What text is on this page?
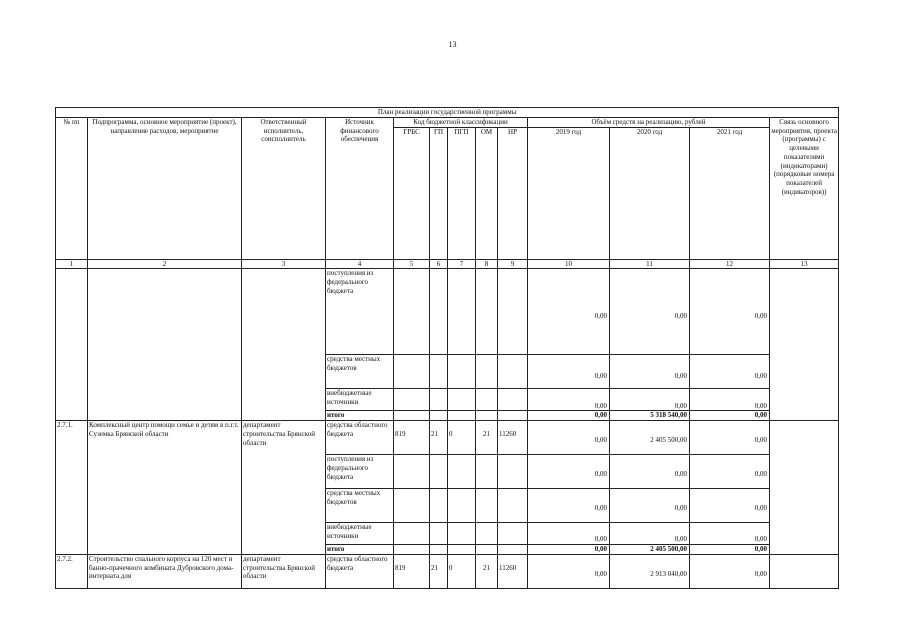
13
План реализации государственной программы												
№ пп	Подпрограмма, основное мероприятие (проект), направление расходов, мероприятие	Ответственный исполнитель, соисполнитель	Источник финансового обеспечения	Код бюджетной классификации					Объём средств на реализацию, рублей			Связь основного мероприятия, проекта (программы) с целевыми показателями (индикаторами) (порядковые номера показателей (индикаторов))
				ГРБС	ГП	ПГП	ОМ	НР	2019 год	2020 год	2021 год	
1	2	3	4	5	6	7	8	9	10	11	12	13
			поступления из федерального бюджета						0,00	0,00	0,00	
			средства местных бюджетов						0,00	0,00	0,00	
			внебюджетные источники						0,00	0,00	0,00	
			итого						0,00	5 318 540,00	0,00	
2.7.1.	Комплексный центр помощи семье и детям в п.г.т. Суземка Брянской области	департамент строительства Брянской области	средства областного бюджета	819	21	0	21	11260	0,00	2 405 500,00	0,00	
			поступления из федерального бюджета						0,00	0,00	0,00	
			средства местных бюджетов						0,00	0,00	0,00	
			внебюджетные источники						0,00	0,00	0,00	
			итого						0,00	2 405 500,00	0,00	
2.7.2.	Строительство спального корпуса на 120 мест и банно-прачечного комбината Дубровского дома-интерната для	департамент строительства Брянской области	средства областного бюджета	819	21	0	21	11260	0,00	2 913 040,00	0,00	
